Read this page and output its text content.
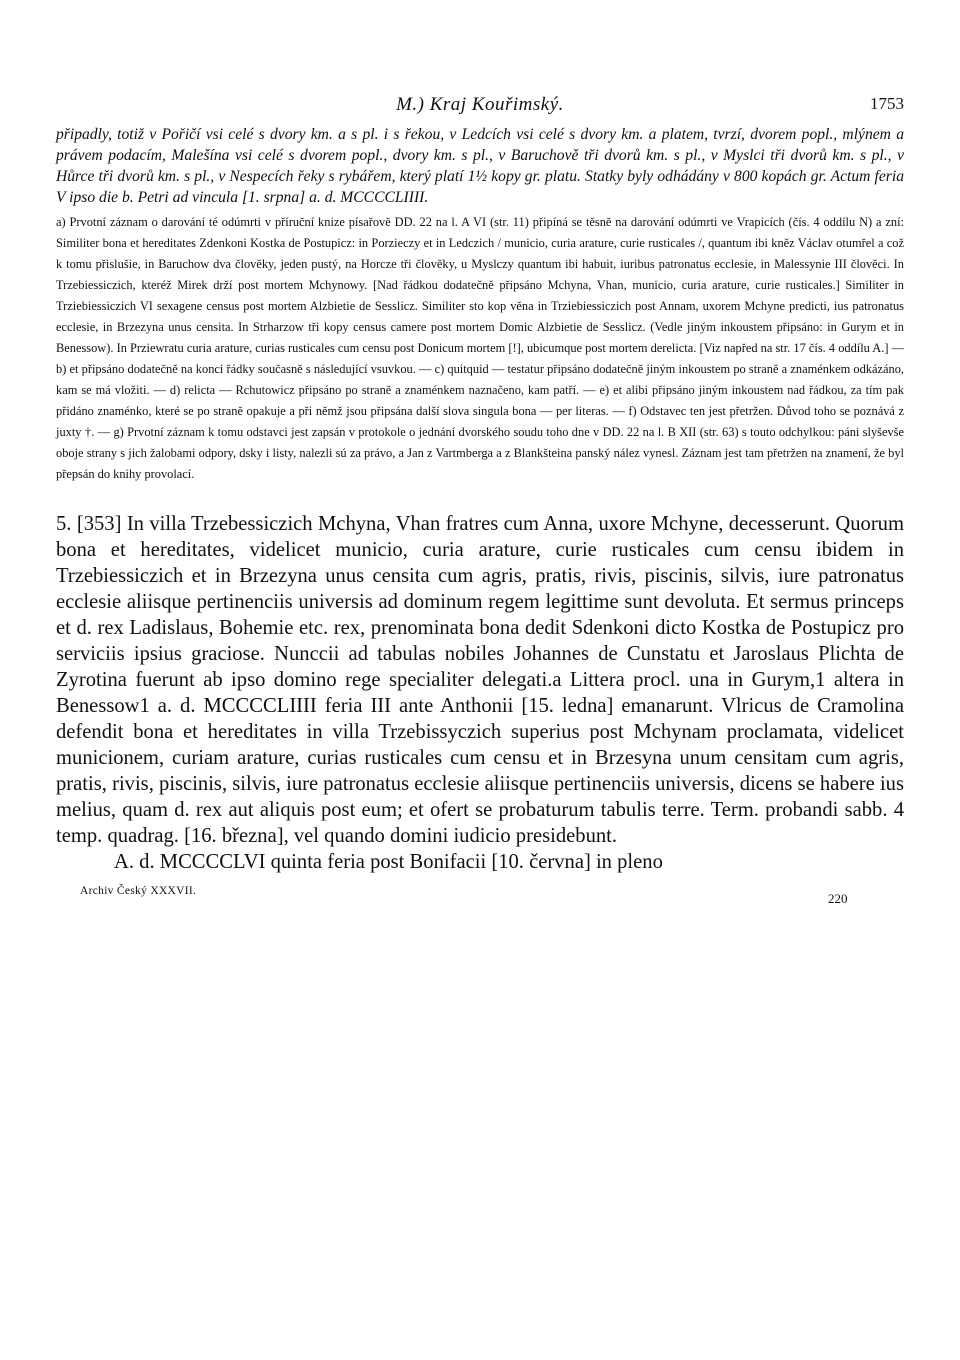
M.) Kraj Kouřimský.	1753

připadly, totiž v Pořičí vsi celé s dvory km. a s pl. i s řekou, v Ledcích vsi celé s dvory km. a platem, tvrzí, dvorem popl., mlýnem a právem podacím, Malešína vsi celé s dvorem popl., dvory km. s pl., v Baruchově tři dvorů km. s pl., v Myslci tři dvorů km. s pl., v Hůrce tři dvorů km. s pl., v Nespecích řeky s rybářem, který platí 1½ kopy gr. platu. Statky byly odhádány v 800 kopách gr. Actum feria V ipso die b. Petri ad vincula [1. srpna] a. d. MCCCCLIIII.

a) Prvotní záznam o darování té odúmrti v příruční knize písařově DD. 22 na l. A VI (str. 11) připíná se těsně na darování odúmrti ve Vrapicích (čís. 4 oddílu N) a zní: Similiter bona et hereditates Zdenkoni Kostka de Postupicz: in Porzieczy et in Ledczich / municio, curia arature, curie rusticales /, quantum ibi kněz Václav otumřel a což k tomu přislušie, in Baruchow dva člověky, jeden pustý, na Horcze tři člověky, u Myslczy quantum ibi habuit, iuribus patronatus ecclesie, in Malessynie III člověci. In Trzebiessiczich, kteréž Mirek drží post mortem Mchynowy. [Nad řádkou dodatečně připsáno Mchyna, Vhan, municio, curia arature, curie rusticales.] Similiter in Trziebiessiczich VI sexagene census post mortem Alzbietie de Sesslicz. Similiter sto kop věna in Trziebiessiczich post Annam, uxorem Mchyne predicti, ius patronatus ecclesie, in Brzezyna unus censita. In Strharzow tři kopy census camere post mortem Domic Alzbietie de Sesslicz. (Vedle jiným inkoustem připsáno: in Gurym et in Benessow). In Prziewratu curia arature, curias rusticales cum censu post Donicum mortem [!], ubicumque post mortem derelicta. [Viz napřed na str. 17 čís. 4 oddílu A.] — b) et připsáno dodatečně na konci řádky současně s následující vsuvkou. — c) quitquid — testatur připsáno dodatečně jiným inkoustem po straně a znaménkem odkázáno, kam se má vložiti. — d) relicta — Rchutowicz připsáno po straně a znaménkem naznačeno, kam patří. — e) et alibi připsáno jiným inkoustem nad řádkou, za tím pak přidáno znaménko, které se po straně opakuje a při němž jsou připsána další slova singula bona — per literas. — f) Odstavec ten jest přetržen. Důvod toho se poznává z juxty †. — g) Prvotní záznam k tomu odstavci jest zapsán v protokole o jednání dvorského soudu toho dne v DD. 22 na l. B XII (str. 63) s touto odchylkou: páni slyševše oboje strany s jich žalobami odpory, dsky i listy, nalezli sú za právo, a Jan z Vartmberga a z Blankšteina panský nález vynesl. Záznam jest tam přetržen na znamení, že byl přepsán do knihy provolací.

5. [353] In villa Trzebessiczich Mchyna, Vhan fratres cum Anna, uxore Mchyne, decesserunt. Quorum bona et hereditates, videlicet municio, curia arature, curie rusticales cum censu ibidem in Trzebiessiczich et in Brzezyna unus censita cum agris, pratis, rivis, piscinis, silvis, iure patronatus ecclesie aliisque pertinenciis universis ad dominum regem legittime sunt devoluta. Et sermus princeps et d. rex Ladislaus, Bohemie etc. rex, prenominata bona dedit Sdenkoni dicto Kostka de Postupicz pro serviciis ipsius graciose. Nunccii ad tabulas nobiles Johannes de Cunstatu et Jaroslaus Plichta de Zyrotina fuerunt ab ipso domino rege specialiter delegati.a Littera procl. una in Gurym,1 altera in Benessow1 a. d. MCCCCLIIII feria III ante Anthonii [15. ledna] emanarunt. Vlricus de Cramolina defendit bona et hereditates in villa Trzebissyczich superius post Mchynam proclamata, videlicet municionem, curiam arature, curias rusticales cum censu et in Brzesyna unum censitam cum agris, pratis, rivis, piscinis, silvis, iure patronatus ecclesie aliisque pertinenciis universis, dicens se habere ius melius, quam d. rex aut aliquis post eum; et ofert se probaturum tabulis terre. Term. probandi sabb. 4 temp. quadrag. [16. března], vel quando domini iudicio presidebunt.

A. d. MCCCCLVI quinta feria post Bonifacii [10. června] in pleno

Archiv Český XXXVII.	220
